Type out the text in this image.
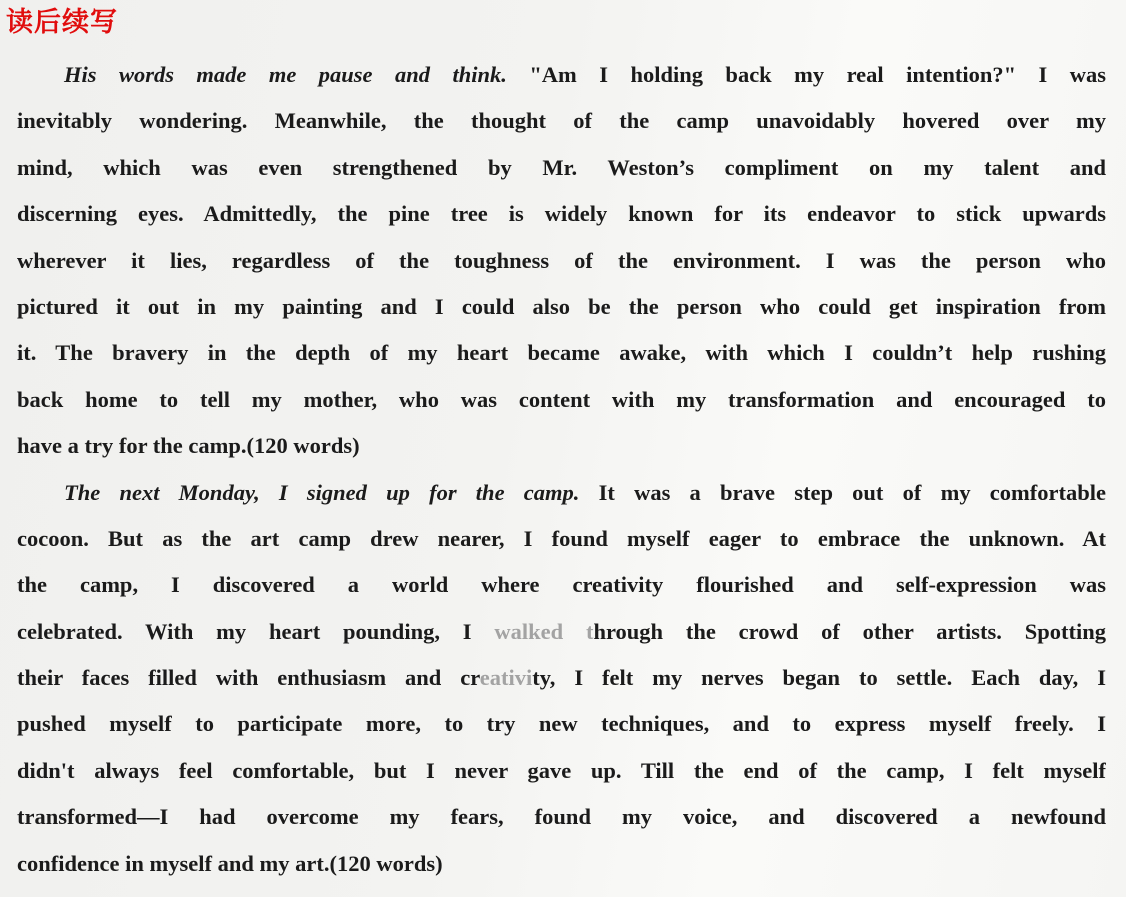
读后续写

His words made me pause and think. "Am I holding back my real intention?" I was
inevitably wondering. Meanwhile, the thought of the camp unavoidably hovered over my
mind, which was even strengthened by Mr. Weston’s compliment on my talent and
discerning eyes. Admittedly, the pine tree is widely known for its endeavor to stick upwards
wherever it lies, regardless of the toughness of the environment. I was the person who
pictured it out in my painting and I could also be the person who could get inspiration from
it. The bravery in the depth of my heart became awake, with which I couldn’t help rushing
back home to tell my mother, who was content with my transformation and encouraged to
have a try for the camp.(120 words)

The next Monday, I signed up for the camp. It was a brave step out of my comfortable
cocoon. But as the art camp drew nearer, I found myself eager to embrace the unknown. At
the camp, I discovered a world where creativity flourished and self-expression was
celebrated. With my heart pounding, I walked through the crowd of other artists. Spotting
their faces filled with enthusiasm and creativity, I felt my nerves began to settle. Each day, I
pushed myself to participate more, to try new techniques, and to express myself freely. I
didn't always feel comfortable, but I never gave up. Till the end of the camp, I felt myself
transformed—I had overcome my fears, found my voice, and discovered a newfound
confidence in myself and my art.(120 words)
